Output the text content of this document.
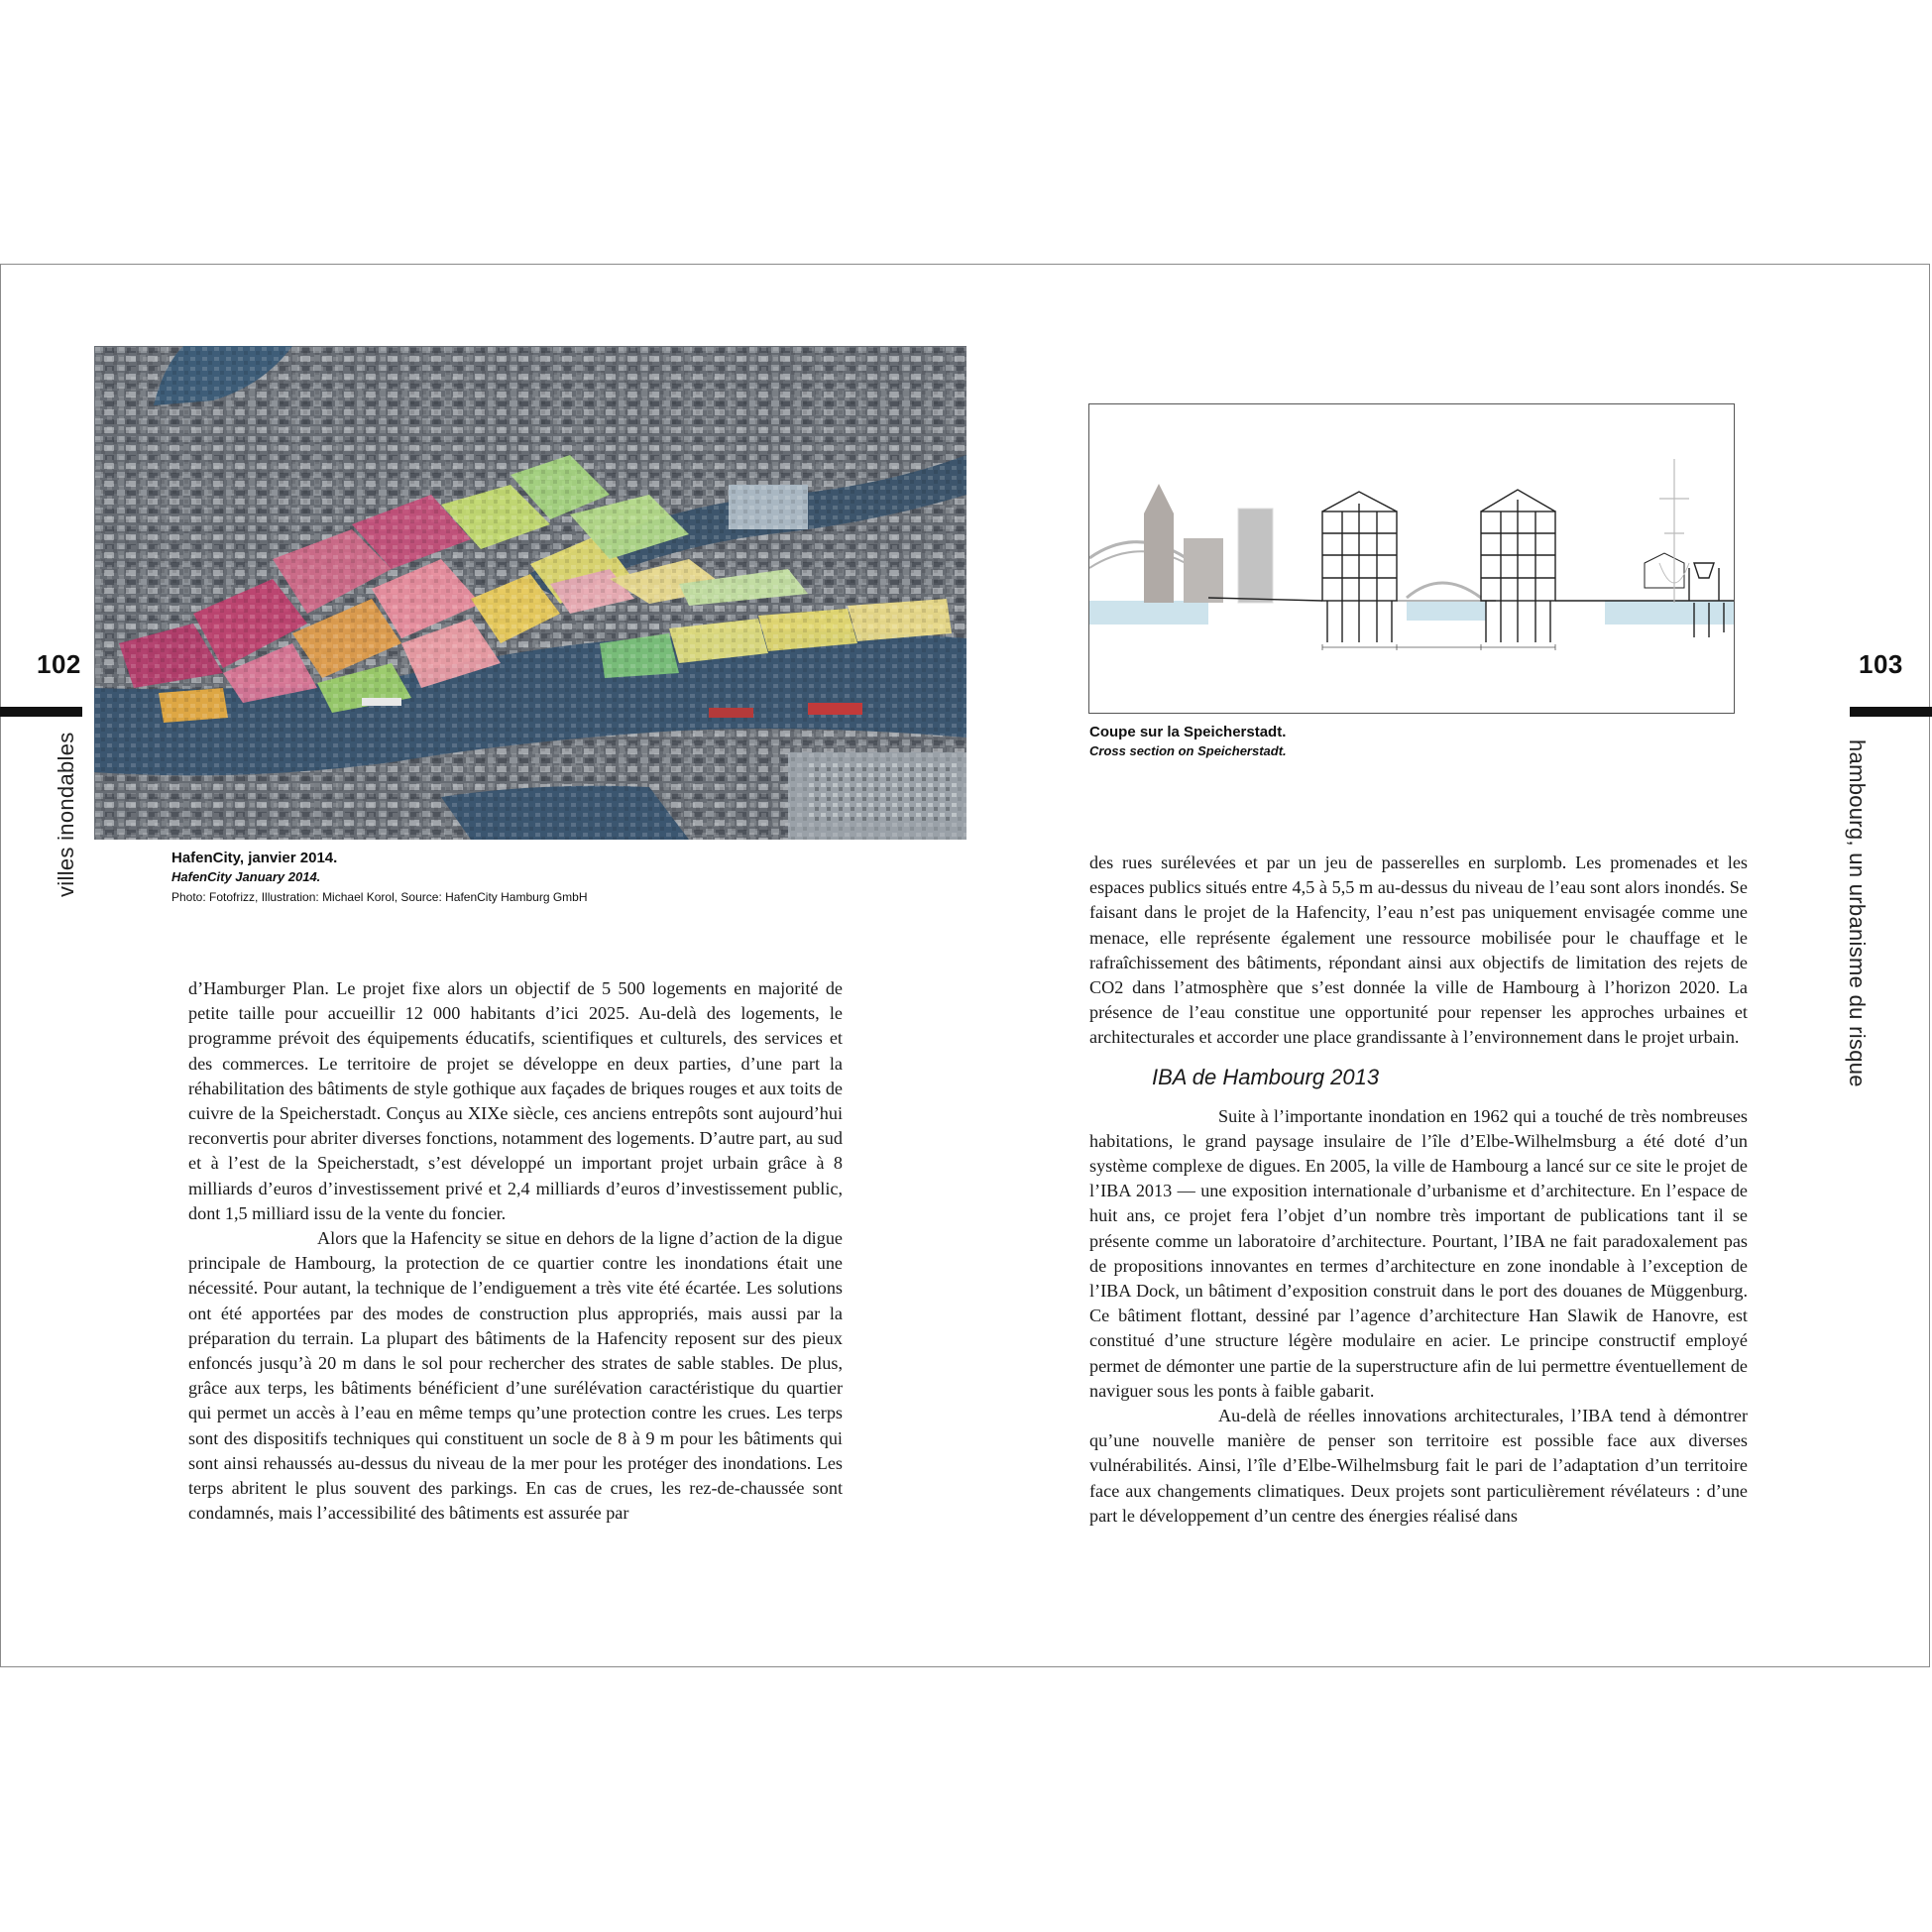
102
villes inondables
103
hambourg, un urbanisme du risque
HafenCity, janvier 2014.
HafenCity January 2014.
Photo: Fotofrizz, Illustration: Michael Korol, Source: HafenCity Hamburg GmbH
Coupe sur la Speicherstadt.
Cross section on Speicherstadt.

d’Hamburger Plan. Le projet fixe alors un objectif de 5 500 logements en majorité de petite taille pour accueillir 12 000 habitants d’ici 2025. Au-delà des logements, le programme prévoit des équipements éducatifs, scientifiques et culturels, des services et des commerces. Le territoire de projet se développe en deux parties, d’une part la réhabilitation des bâtiments de style gothique aux façades de briques rouges et aux toits de cuivre de la Speicherstadt. Conçus au XIXe siècle, ces anciens entrepôts sont aujourd’hui reconvertis pour abriter diverses fonctions, notamment des logements. D’autre part, au sud et à l’est de la Speicherstadt, s’est développé un important projet urbain grâce à 8 milliards d’euros d’investissement privé et 2,4 milliards d’euros d’investissement public, dont 1,5 milliard issu de la vente du foncier.

Alors que la Hafencity se situe en dehors de la ligne d’action de la digue principale de Hambourg, la protection de ce quartier contre les inondations était une nécessité. Pour autant, la technique de l’endiguement a très vite été écartée. Les solutions ont été apportées par des modes de construction plus appropriés, mais aussi par la préparation du terrain. La plupart des bâtiments de la Hafencity reposent sur des pieux enfoncés jusqu’à 20 m dans le sol pour rechercher des strates de sable stables. De plus, grâce aux terps, les bâtiments bénéficient d’une surélévation caractéristique du quartier qui permet un accès à l’eau en même temps qu’une protection contre les crues. Les terps sont des dispositifs techniques qui constituent un socle de 8 à 9 m pour les bâtiments qui sont ainsi rehaussés au-dessus du niveau de la mer pour les protéger des inondations. Les terps abritent le plus souvent des parkings. En cas de crues, les rez-de-chaussée sont condamnés, mais l’accessibilité des bâtiments est assurée par

des rues surélevées et par un jeu de passerelles en surplomb. Les promenades et les espaces publics situés entre 4,5 à 5,5 m au-dessus du niveau de l’eau sont alors inondés. Se faisant dans le projet de la Hafencity, l’eau n’est pas uniquement envisagée comme une menace, elle représente également une ressource mobilisée pour le chauffage et le rafraîchissement des bâtiments, répondant ainsi aux objectifs de limitation des rejets de CO2 dans l’atmosphère que s’est donnée la ville de Hambourg à l’horizon 2020. La présence de l’eau constitue une opportunité pour repenser les approches urbaines et architecturales et accorder une place grandissante à l’environnement dans le projet urbain.

IBA de Hambourg 2013

Suite à l’importante inondation en 1962 qui a touché de très nombreuses habitations, le grand paysage insulaire de l’île d’Elbe-Wilhelmsburg a été doté d’un système complexe de digues. En 2005, la ville de Hambourg a lancé sur ce site le projet de l’IBA 2013 — une exposition internationale d’urbanisme et d’architecture. En l’espace de huit ans, ce projet fera l’objet d’un nombre très important de publications tant il se présente comme un laboratoire d’architecture. Pourtant, l’IBA ne fait paradoxalement pas de propositions innovantes en termes d’architecture en zone inondable à l’exception de l’IBA Dock, un bâtiment d’exposition construit dans le port des douanes de Müggenburg. Ce bâtiment flottant, dessiné par l’agence d’architecture Han Slawik de Hanovre, est constitué d’une structure légère modulaire en acier. Le principe constructif employé permet de démonter une partie de la superstructure afin de lui permettre éventuellement de naviguer sous les ponts à faible gabarit.

Au-delà de réelles innovations architecturales, l’IBA tend à démontrer qu’une nouvelle manière de penser son territoire est possible face aux diverses vulnérabilités. Ainsi, l’île d’Elbe-Wilhelmsburg fait le pari de l’adaptation d’un territoire face aux changements climatiques. Deux projets sont particulièrement révélateurs : d’une part le développement d’un centre des énergies réalisé dans
